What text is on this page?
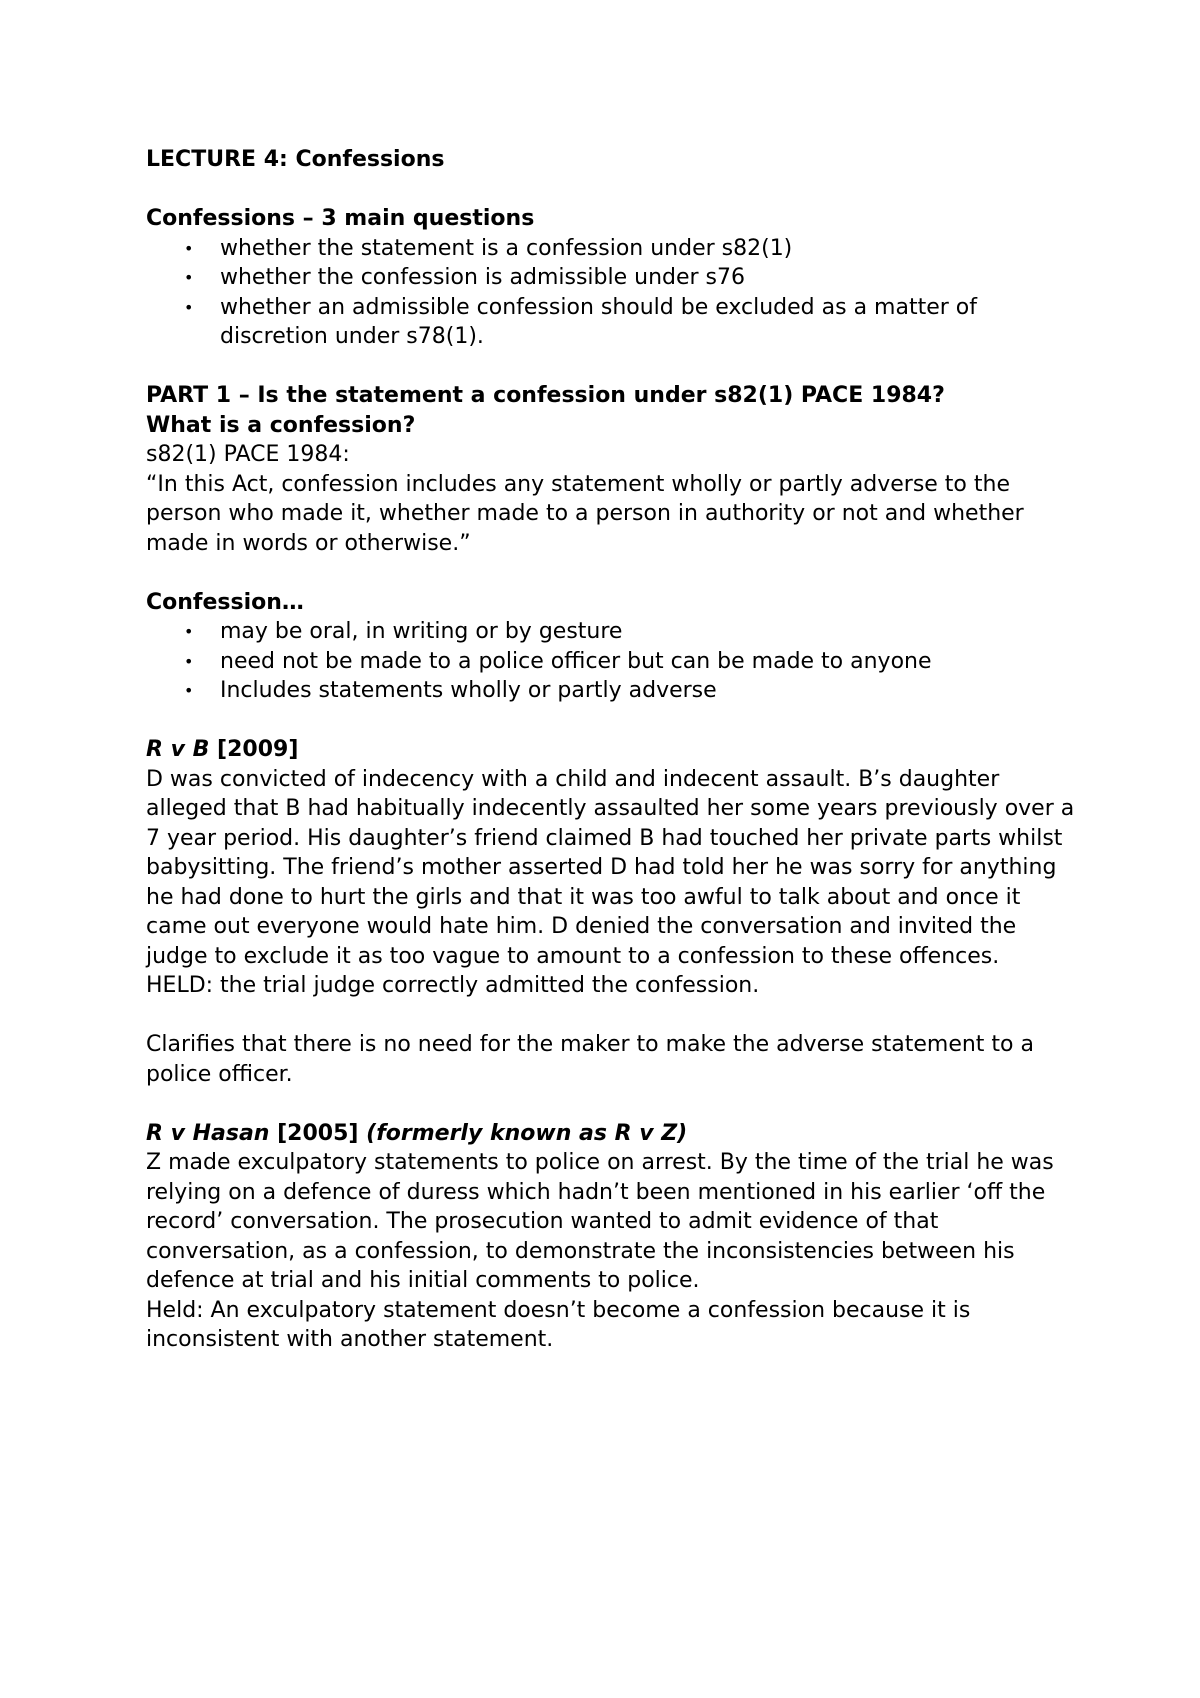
LECTURE 4: Confessions

Confessions – 3 main questions

• whether the statement is a confession under s82(1)
• whether the confession is admissible under s76
• whether an admissible confession should be excluded as a matter of discretion under s78(1).

PART 1 – Is the statement a confession under s82(1) PACE 1984?

What is a confession?

s82(1) PACE 1984:

“In this Act, confession includes any statement wholly or partly adverse to the person who made it, whether made to a person in authority or not and whether made in words or otherwise.”

Confession…

• may be oral, in writing or by gesture
• need not be made to a police officer but can be made to anyone
• Includes statements wholly or partly adverse

R v B [2009]

D was convicted of indecency with a child and indecent assault. B’s daughter alleged that B had habitually indecently assaulted her some years previously over a 7 year period. His daughter’s friend claimed B had touched her private parts whilst babysitting. The friend’s mother asserted D had told her he was sorry for anything he had done to hurt the girls and that it was too awful to talk about and once it came out everyone would hate him. D denied the conversation and invited the judge to exclude it as too vague to amount to a confession to these offences.

HELD: the trial judge correctly admitted the confession.

Clarifies that there is no need for the maker to make the adverse statement to a police officer.

R v Hasan [2005] (formerly known as R v Z)

Z made exculpatory statements to police on arrest. By the time of the trial he was relying on a defence of duress which hadn’t been mentioned in his earlier ‘off the record’ conversation. The prosecution wanted to admit evidence of that conversation, as a confession, to demonstrate the inconsistencies between his defence at trial and his initial comments to police.

Held: An exculpatory statement doesn’t become a confession because it is inconsistent with another statement.
